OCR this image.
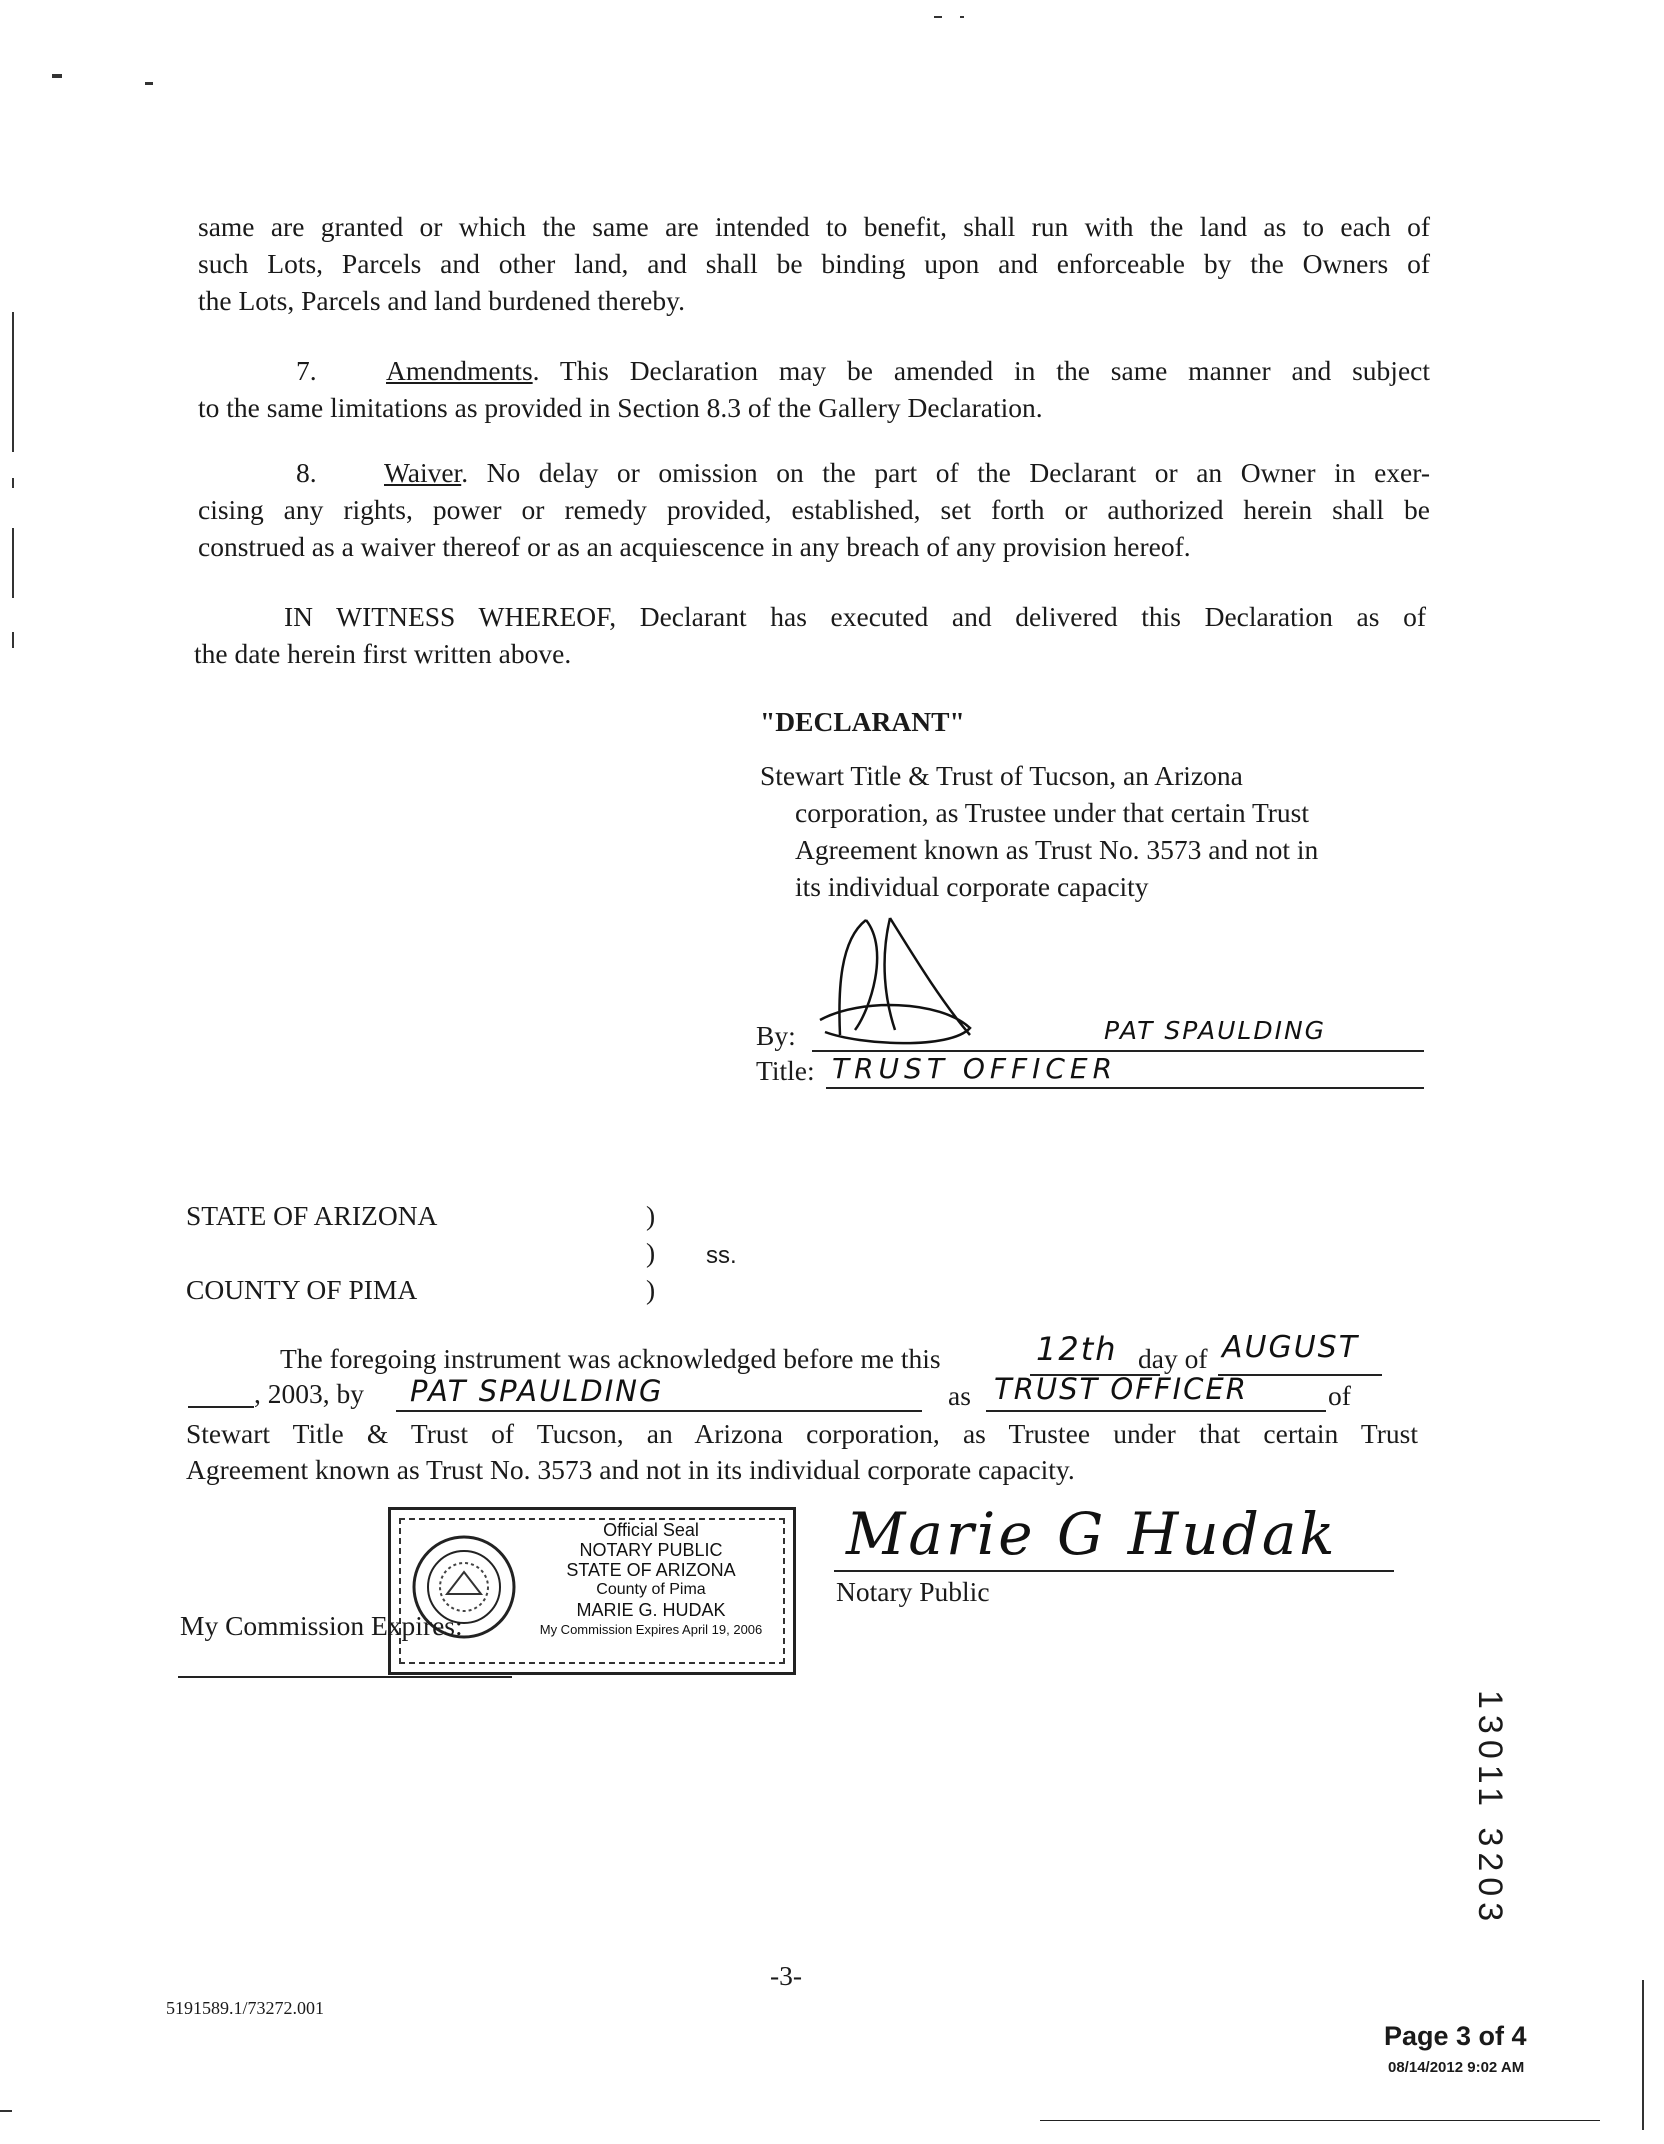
same are granted or which the same are intended to benefit, shall run with the land as to each of
such Lots, Parcels and other land, and shall be binding upon and enforceable by the Owners of
the Lots, Parcels and land burdened thereby.
7.	Amendments. This Declaration may be amended in the same manner and subject
to the same limitations as provided in Section 8.3 of the Gallery Declaration.
8. Waiver. No delay or omission on the part of the Declarant or an Owner in exer-
cising any rights, power or remedy provided, established, set forth or authorized herein shall be
construed as a waiver thereof or as an acquiescence in any breach of any provision hereof.
IN WITNESS WHEREOF, Declarant has executed and delivered this Declaration as of
the date herein first written above.
"DECLARANT"
Stewart Title & Trust of Tucson, an Arizona
corporation, as Trustee under that certain Trust
Agreement known as Trust No. 3573 and not in
its individual corporate capacity
By:	PAT SPAULDING
Title: TRUST OFFICER
STATE OF ARIZONA	)
) ss.
COUNTY OF PIMA	)
The foregoing instrument was acknowledged before me this	12th day of AUGUST
, 2003, by PAT SPAULDING	as TRUST OFFICER	of
Stewart Title & Trust of Tucson, an Arizona corporation, as Trustee under that certain Trust
Agreement known as Trust No. 3573 and not in its individual corporate capacity.
Official Seal
NOTARY PUBLIC
STATE OF ARIZONA
County of Pima
MARIE G. HUDAK
My Commission Expires April 19, 2006
My Commission Expires:
Marie G Hudak
Notary Public
13011 3203
-3-
5191589.1/73272.001
Page 3 of 4
08/14/2012 9:02 AM
